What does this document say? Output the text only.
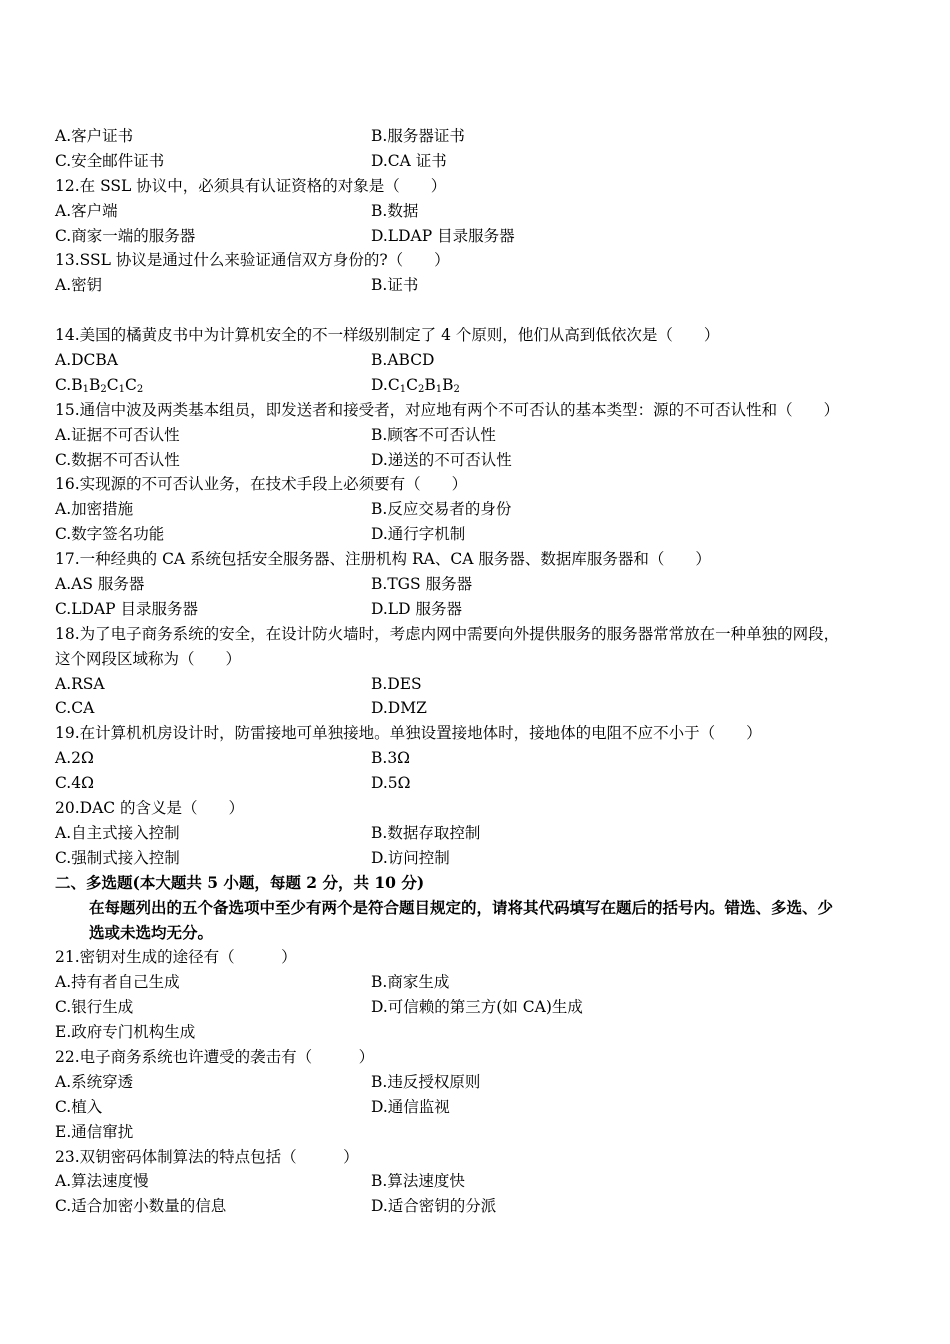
A.客户证书	B.服务器证书
C.安全邮件证书	D.CA 证书
12.在 SSL 协议中，必须具有认证资格的对象是（　　）
A.客户端	B.数据
C.商家一端的服务器	D.LDAP 目录服务器
13.SSL 协议是通过什么来验证通信双方身份的?（　　）
A.密钥	B.证书
14.美国的橘黄皮书中为计算机安全的不一样级别制定了 4 个原则，他们从高到低依次是（　　）
A.DCBA	B.ABCD
$C.B_1B_2C_1C_2$	$D.C_1C_2B_1B_2$
15.通信中波及两类基本组员，即发送者和接受者，对应地有两个不可否认的基本类型：源的不可否认性和（　　）
A.证据不可否认性	B.顾客不可否认性
C.数据不可否认性	D.递送的不可否认性
16.实现源的不可否认业务，在技术手段上必须要有（　　）
A.加密措施	B.反应交易者的身份
C.数字签名功能	D.通行字机制
17.一种经典的 CA 系统包括安全服务器、注册机构 RA、CA 服务器、数据库服务器和（　　）
A.AS 服务器	B.TGS 服务器
C.LDAP 目录服务器	D.LD 服务器
18.为了电子商务系统的安全，在设计防火墙时，考虑内网中需要向外提供服务的服务器常常放在一种单独的网段，
这个网段区域称为（　　）
A.RSA	B.DES
C.CA	D.DMZ
19.在计算机机房设计时，防雷接地可单独接地。单独设置接地体时，接地体的电阻不应不小于（　　）
A.2Ω	B.3Ω
C.4Ω	D.5Ω
20.DAC 的含义是（　　）
A.自主式接入控制	B.数据存取控制
C.强制式接入控制	D.访问控制
二、多选题(本大题共 5 小题，每题 2 分，共 10 分)
在每题列出的五个备选项中至少有两个是符合题目规定的，请将其代码填写在题后的括号内。错选、多选、少
选或未选均无分。
21.密钥对生成的途径有（　　　）
A.持有者自己生成	B.商家生成
C.银行生成	D.可信赖的第三方(如 CA)生成
E.政府专门机构生成
22.电子商务系统也许遭受的袭击有（　　　）
A.系统穿透	B.违反授权原则
C.植入	D.通信监视
E.通信窜扰
23.双钥密码体制算法的特点包括（　　　）
A.算法速度慢	B.算法速度快
C.适合加密小数量的信息	D.适合密钥的分派
